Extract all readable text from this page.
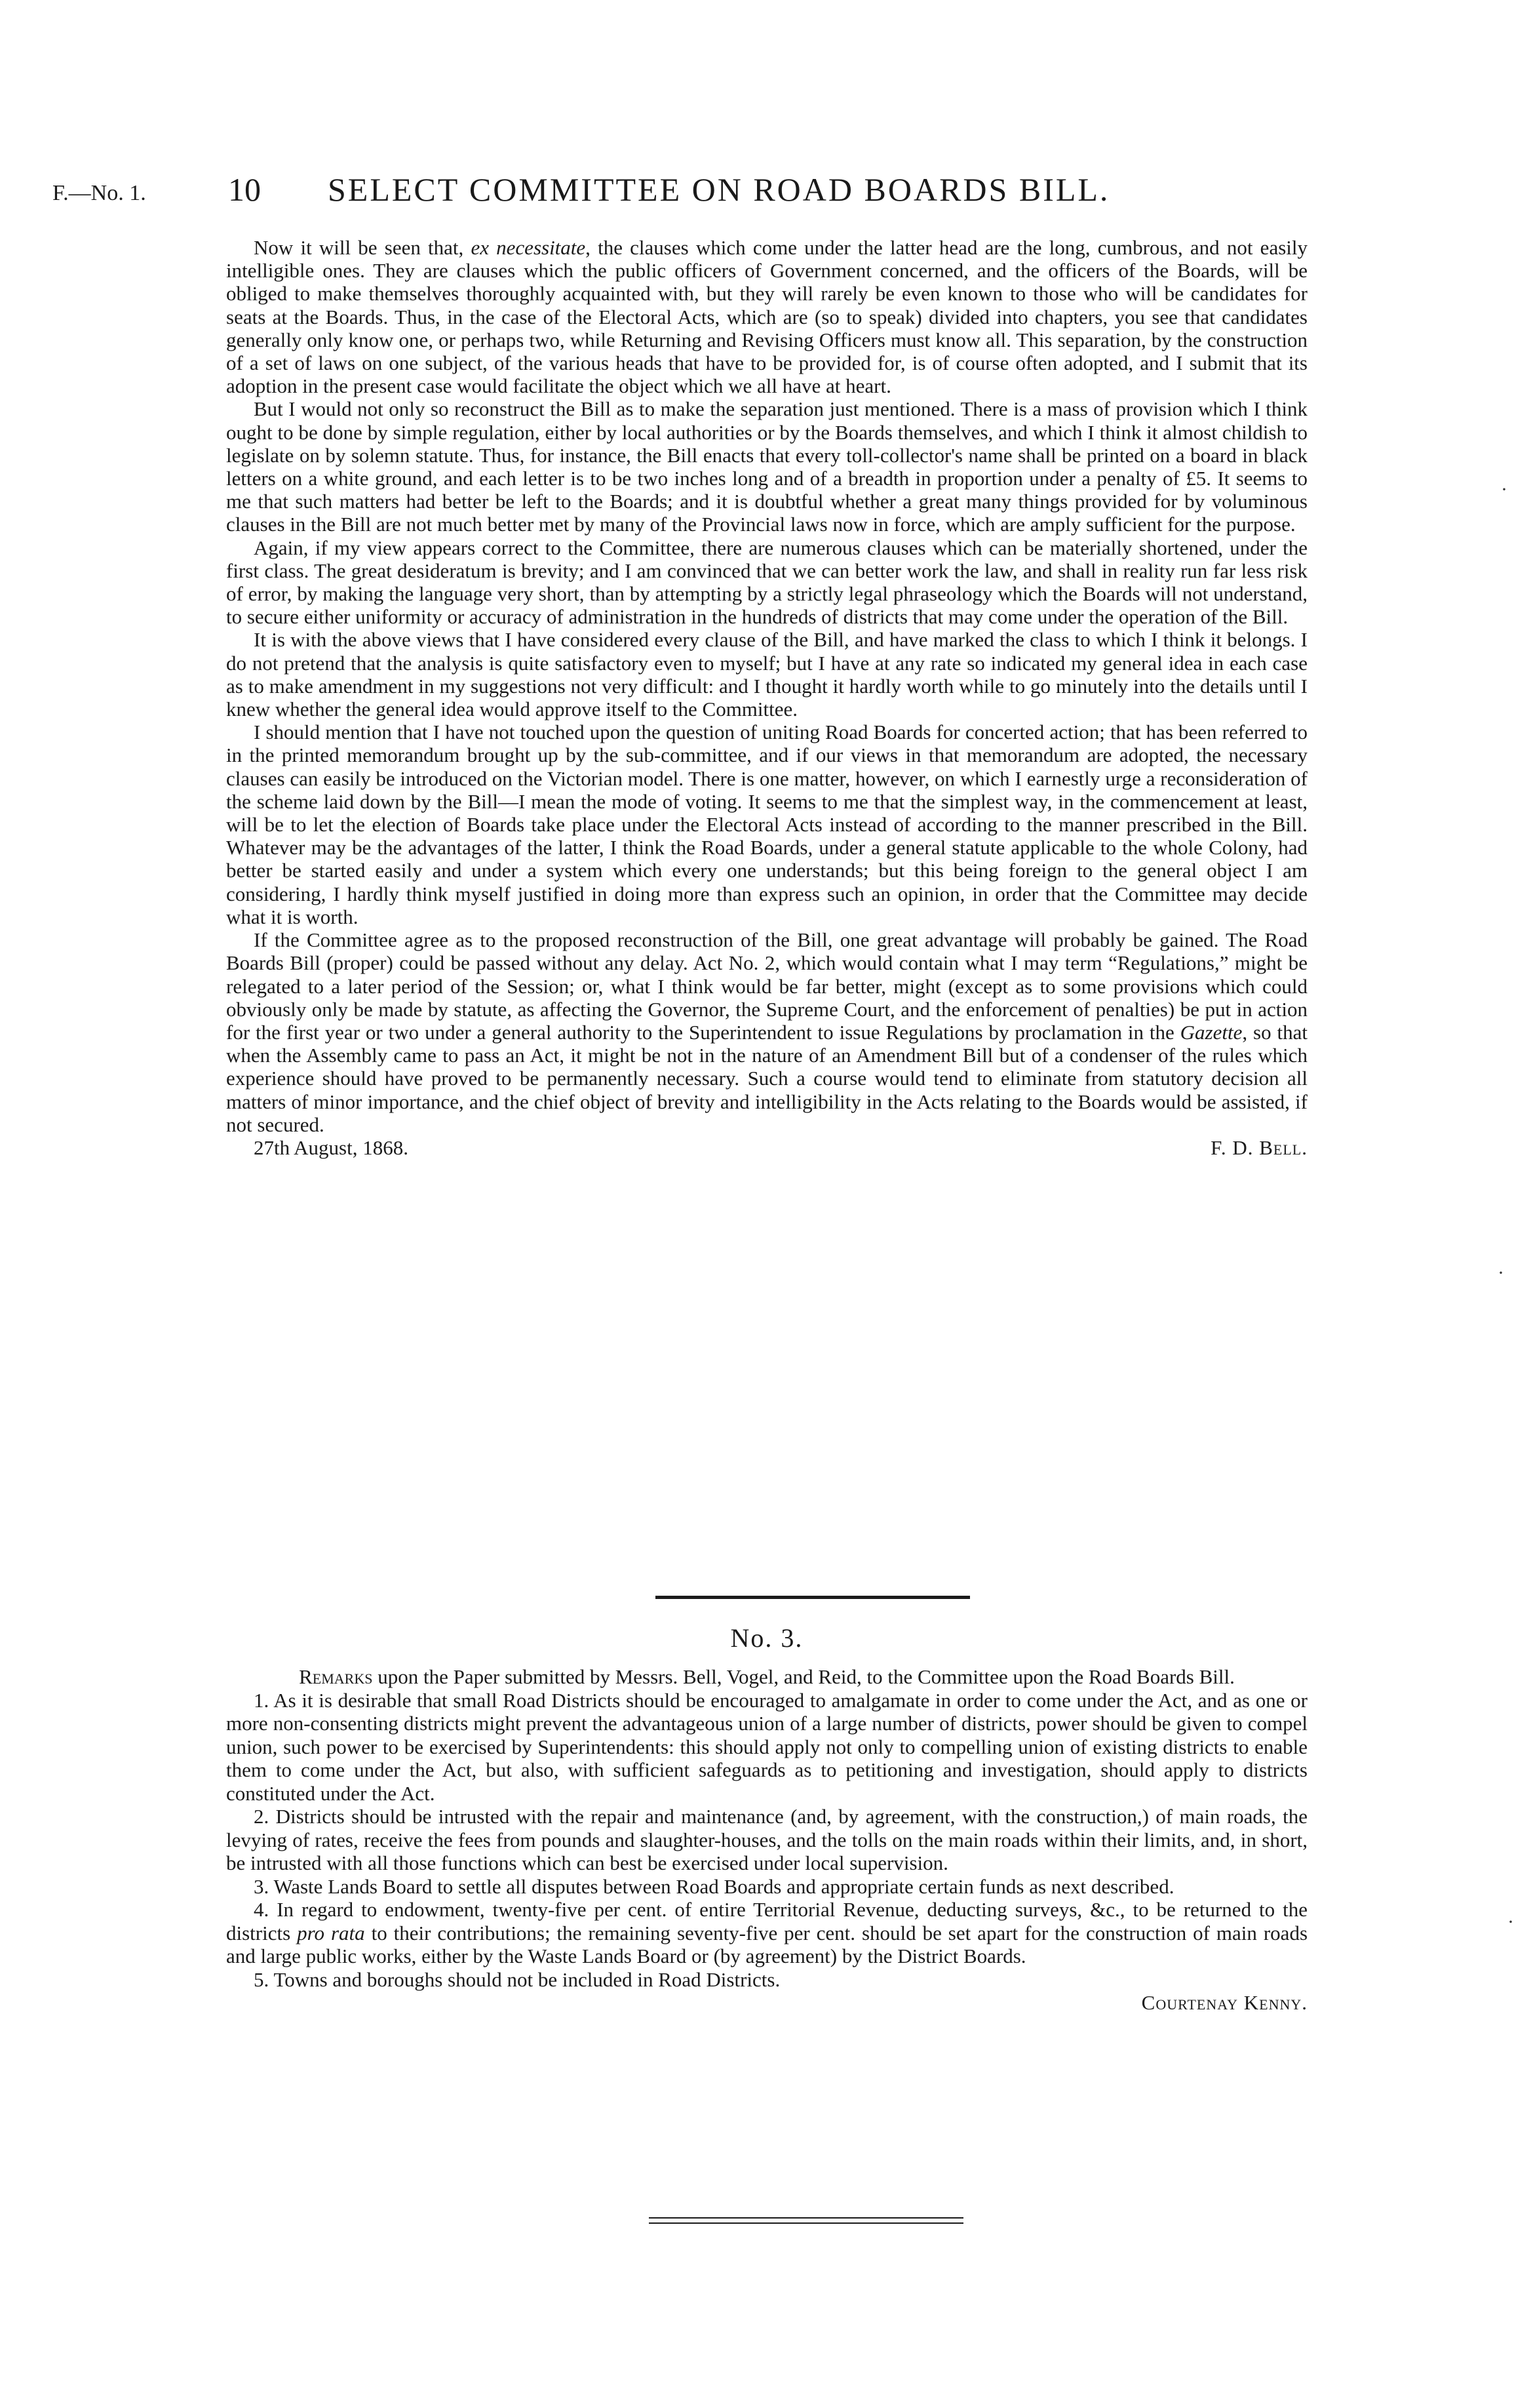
F.—No. 1.	10 SELECT COMMITTEE ON ROAD BOARDS BILL.

Now it will be seen that, ex necessitate, the clauses which come under the latter head are the long, cumbrous, and not easily intelligible ones. They are clauses which the public officers of Government concerned, and the officers of the Boards, will be obliged to make themselves thoroughly acquainted with, but they will rarely be even known to those who will be candidates for seats at the Boards. Thus, in the case of the Electoral Acts, which are (so to speak) divided into chapters, you see that candidates generally only know one, or perhaps two, while Returning and Revising Officers must know all. This separation, by the construction of a set of laws on one subject, of the various heads that have to be provided for, is of course often adopted, and I submit that its adoption in the present case would facilitate the object which we all have at heart.

But I would not only so reconstruct the Bill as to make the separation just mentioned. There is a mass of provision which I think ought to be done by simple regulation, either by local authorities or by the Boards themselves, and which I think it almost childish to legislate on by solemn statute. Thus, for instance, the Bill enacts that every toll-collector's name shall be printed on a board in black letters on a white ground, and each letter is to be two inches long and of a breadth in proportion under a penalty of £5. It seems to me that such matters had better be left to the Boards; and it is doubtful whether a great many things provided for by voluminous clauses in the Bill are not much better met by many of the Provincial laws now in force, which are amply sufficient for the purpose.

Again, if my view appears correct to the Committee, there are numerous clauses which can be materially shortened, under the first class. The great desideratum is brevity; and I am convinced that we can better work the law, and shall in reality run far less risk of error, by making the language very short, than by attempting by a strictly legal phraseology which the Boards will not understand, to secure either uniformity or accuracy of administration in the hundreds of districts that may come under the operation of the Bill.

It is with the above views that I have considered every clause of the Bill, and have marked the class to which I think it belongs. I do not pretend that the analysis is quite satisfactory even to myself; but I have at any rate so indicated my general idea in each case as to make amendment in my suggestions not very difficult: and I thought it hardly worth while to go minutely into the details until I knew whether the general idea would approve itself to the Committee.

I should mention that I have not touched upon the question of uniting Road Boards for concerted action; that has been referred to in the printed memorandum brought up by the sub-committee, and if our views in that memorandum are adopted, the necessary clauses can easily be introduced on the Victorian model. There is one matter, however, on which I earnestly urge a reconsideration of the scheme laid down by the Bill—I mean the mode of voting. It seems to me that the simplest way, in the commencement at least, will be to let the election of Boards take place under the Electoral Acts instead of according to the manner prescribed in the Bill. Whatever may be the advantages of the latter, I think the Road Boards, under a general statute applicable to the whole Colony, had better be started easily and under a system which every one understands; but this being foreign to the general object I am considering, I hardly think myself justified in doing more than express such an opinion, in order that the Committee may decide what it is worth.

If the Committee agree as to the proposed reconstruction of the Bill, one great advantage will probably be gained. The Road Boards Bill (proper) could be passed without any delay. Act No. 2, which would contain what I may term “Regulations,” might be relegated to a later period of the Session; or, what I think would be far better, might (except as to some provisions which could obviously only be made by statute, as affecting the Governor, the Supreme Court, and the enforcement of penalties) be put in action for the first year or two under a general authority to the Superintendent to issue Regulations by proclamation in the Gazette, so that when the Assembly came to pass an Act, it might be not in the nature of an Amendment Bill but of a condenser of the rules which experience should have proved to be permanently necessary. Such a course would tend to eliminate from statutory decision all matters of minor importance, and the chief object of brevity and intelligibility in the Acts relating to the Boards would be assisted, if not secured.

27th August, 1868.	F. D. Bell.
No. 3.

Remarks upon the Paper submitted by Messrs. Bell, Vogel, and Reid, to the Committee upon the Road Boards Bill.

1. As it is desirable that small Road Districts should be encouraged to amalgamate in order to come under the Act, and as one or more non-consenting districts might prevent the advantageous union of a large number of districts, power should be given to compel union, such power to be exercised by Superintendents: this should apply not only to compelling union of existing districts to enable them to come under the Act, but also, with sufficient safeguards as to petitioning and investigation, should apply to districts constituted under the Act.

2. Districts should be intrusted with the repair and maintenance (and, by agreement, with the construction,) of main roads, the levying of rates, receive the fees from pounds and slaughter-houses, and the tolls on the main roads within their limits, and, in short, be intrusted with all those functions which can best be exercised under local supervision.

3. Waste Lands Board to settle all disputes between Road Boards and appropriate certain funds as next described.

4. In regard to endowment, twenty-five per cent. of entire Territorial Revenue, deducting surveys, &c., to be returned to the districts pro rata to their contributions; the remaining seventy-five per cent. should be set apart for the construction of main roads and large public works, either by the Waste Lands Board or (by agreement) by the District Boards.

5. Towns and boroughs should not be included in Road Districts.

Courtenay Kenny.

·
·
·
